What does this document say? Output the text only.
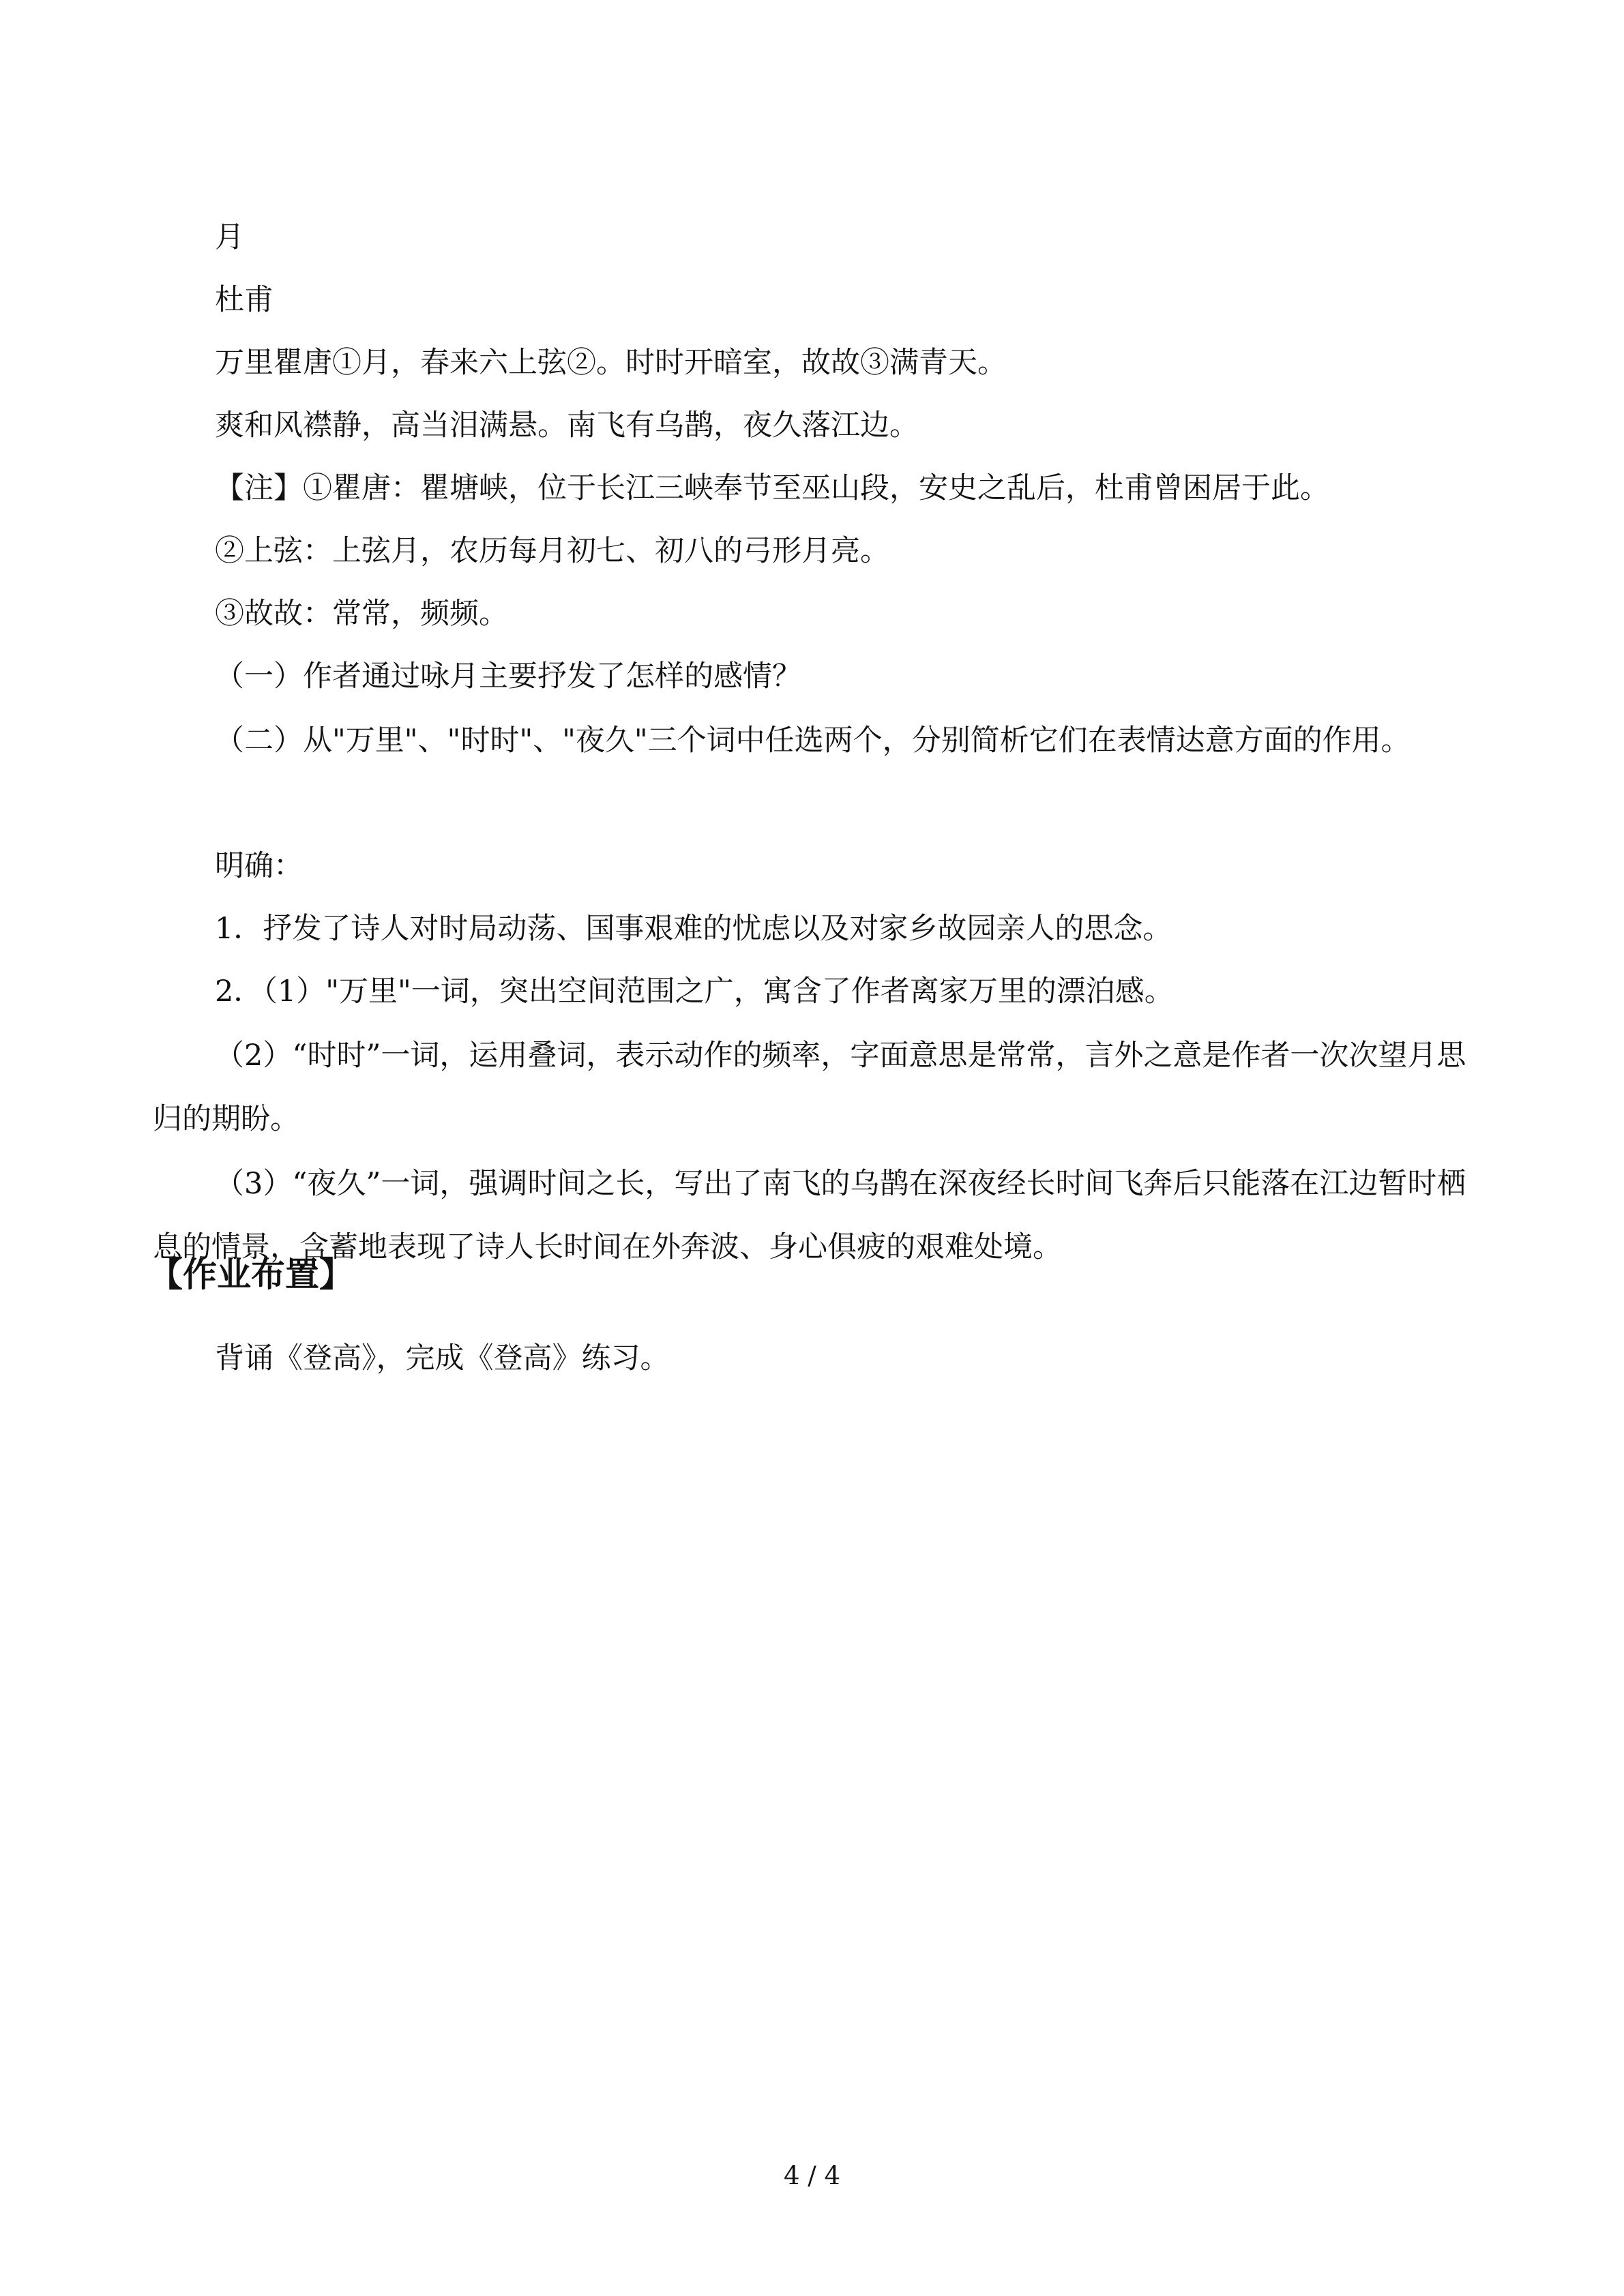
月
杜甫
万里瞿唐①月，春来六上弦②。时时开暗室，故故③满青天。
爽和风襟静，高当泪满悬。南飞有乌鹊，夜久落江边。
【注】①瞿唐：瞿塘峡，位于长江三峡奉节至巫山段，安史之乱后，杜甫曾困居于此。
②上弦：上弦月，农历每月初七、初八的弓形月亮。
③故故：常常，频频。
（一）作者通过咏月主要抒发了怎样的感情？
（二）从"万里"、"时时"、"夜久"三个词中任选两个，分别简析它们在表情达意方面的作用。
明确：
1．抒发了诗人对时局动荡、国事艰难的忧虑以及对家乡故园亲人的思念。
2．（1）"万里"一词，突出空间范围之广，寓含了作者离家万里的漂泊感。
（2）“时时”一词，运用叠词，表示动作的频率，字面意思是常常，言外之意是作者一次次望月思归的期盼。
（3）“夜久”一词，强调时间之长，写出了南飞的乌鹊在深夜经长时间飞奔后只能落在江边暂时栖息的情景，含蓄地表现了诗人长时间在外奔波、身心俱疲的艰难处境。
【作业布置】
背诵《登高》，完成《登高》练习。
4 / 4
